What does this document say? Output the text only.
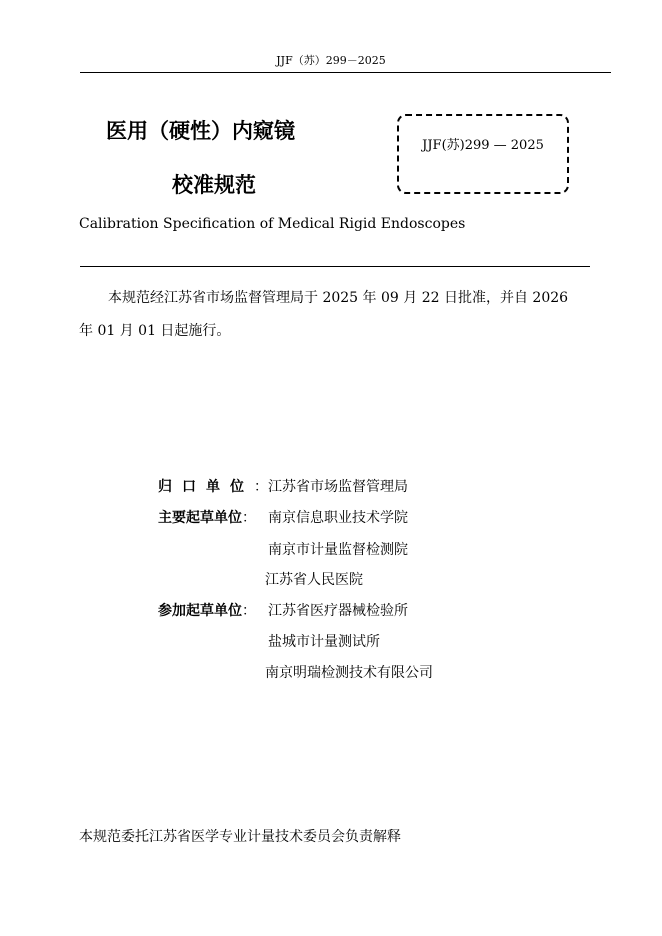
JJF（苏）299－2025
医用（硬性）内窥镜
校准规范
JJF(苏)299 — 2025
Calibration Specification of Medical Rigid Endoscopes
本规范经江苏省市场监督管理局于 2025 年 09 月 22 日批准，并自 2026
年 01 月 01 日起施行。
归口单位： 江苏省市场监督管理局
主要起草单位： 南京信息职业技术学院
南京市计量监督检测院
江苏省人民医院
参加起草单位： 江苏省医疗器械检验所
盐城市计量测试所
南京明瑞检测技术有限公司
本规范委托江苏省医学专业计量技术委员会负责解释
